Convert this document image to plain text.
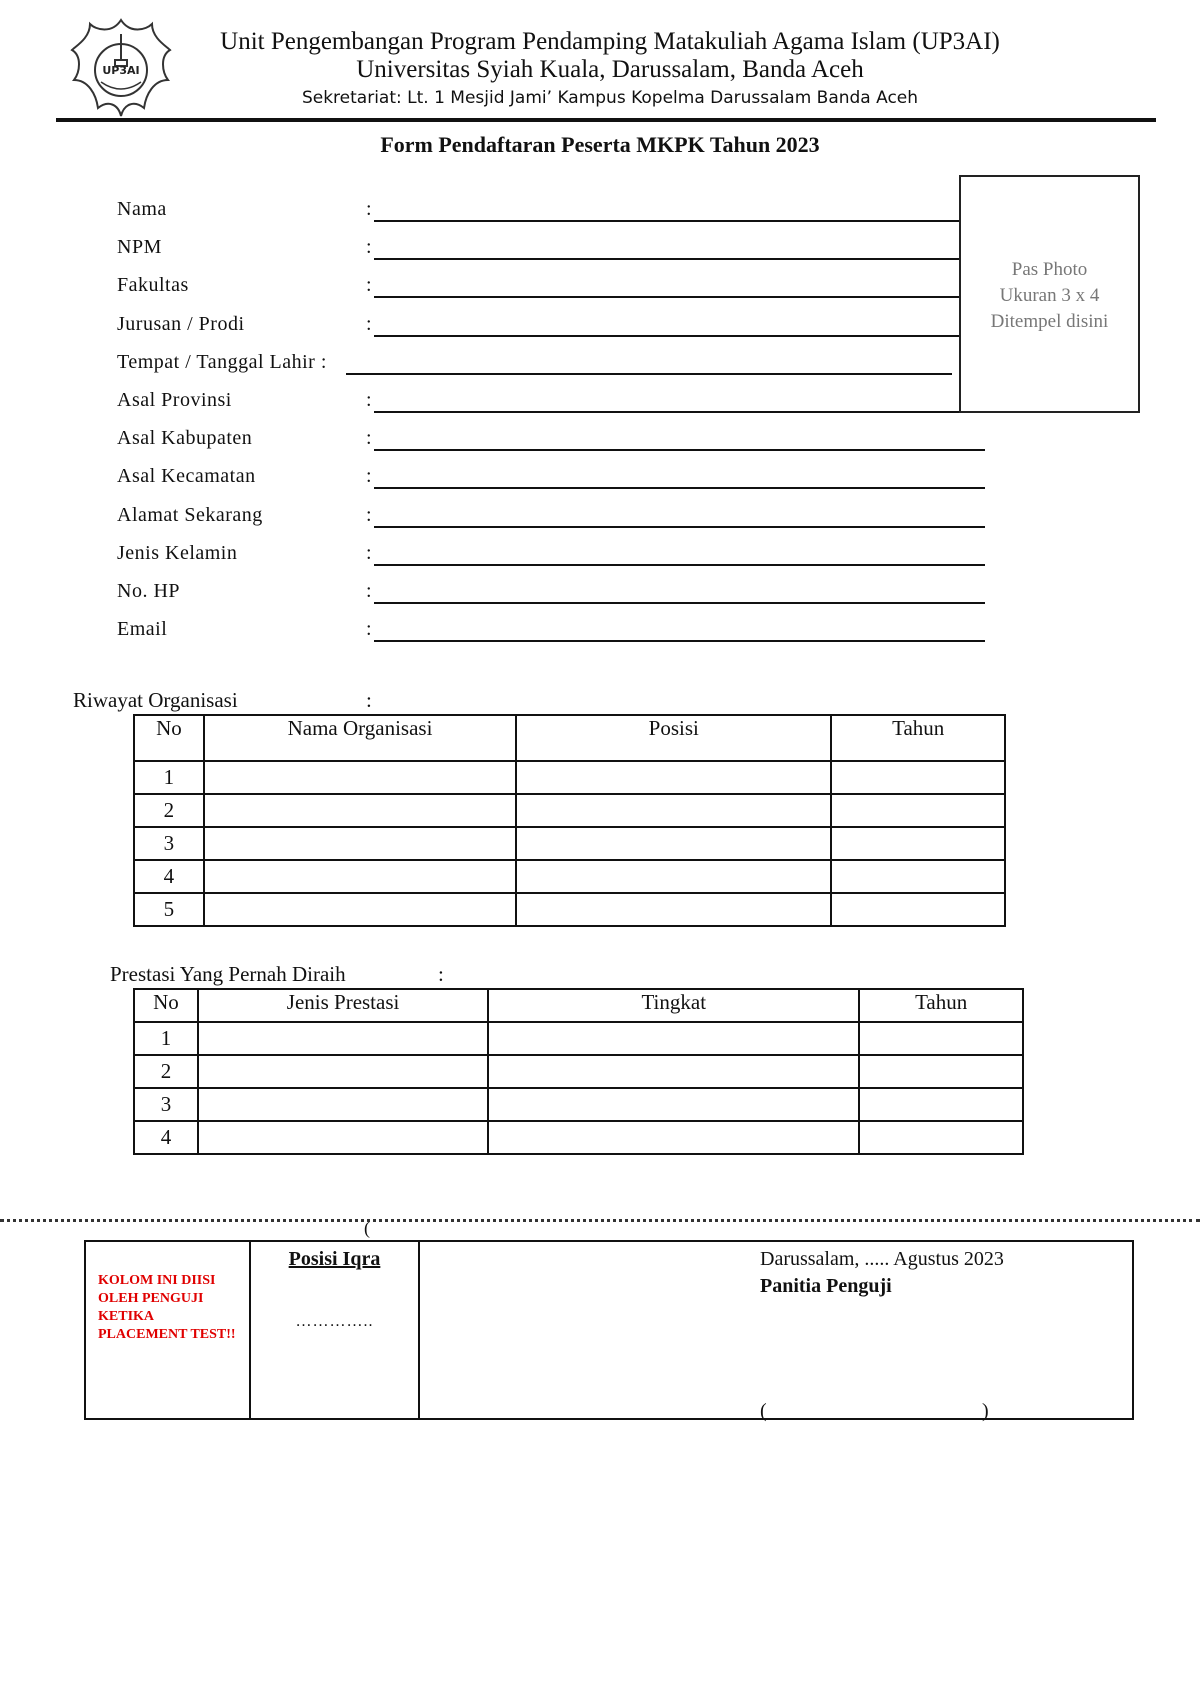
UP3AI
Unit Pengembangan Program Pendamping Matakuliah Agama Islam (UP3AI)
Universitas Syiah Kuala, Darussalam, Banda Aceh
Sekretariat: Lt. 1 Mesjid Jami’ Kampus Kopelma Darussalam Banda Aceh
Form Pendaftaran Peserta MKPK Tahun 2023
Nama	:
NPM	:
Fakultas	:
Jurusan / Prodi	:
Tempat / Tanggal Lahir :
Asal Provinsi	:
Asal Kabupaten	:
Asal Kecamatan	:
Alamat Sekarang	:
Jenis Kelamin	:
No. HP	:
Email	:
Pas Photo
Ukuran 3 x 4
Ditempel disini
Riwayat Organisasi	:
No	Nama Organisasi	Posisi	Tahun
1			
2			
3			
4			
5			
Prestasi Yang Pernah Diraih	:
No	Jenis Prestasi	Tingkat	Tahun
1			
2			
3			
4			
(
KOLOM INI DIISI OLEH PENGUJI KETIKA PLACEMENT TEST!!
Posisi Iqra
…………..
Darussalam, ..... Agustus 2023
Panitia Penguji
(	)
